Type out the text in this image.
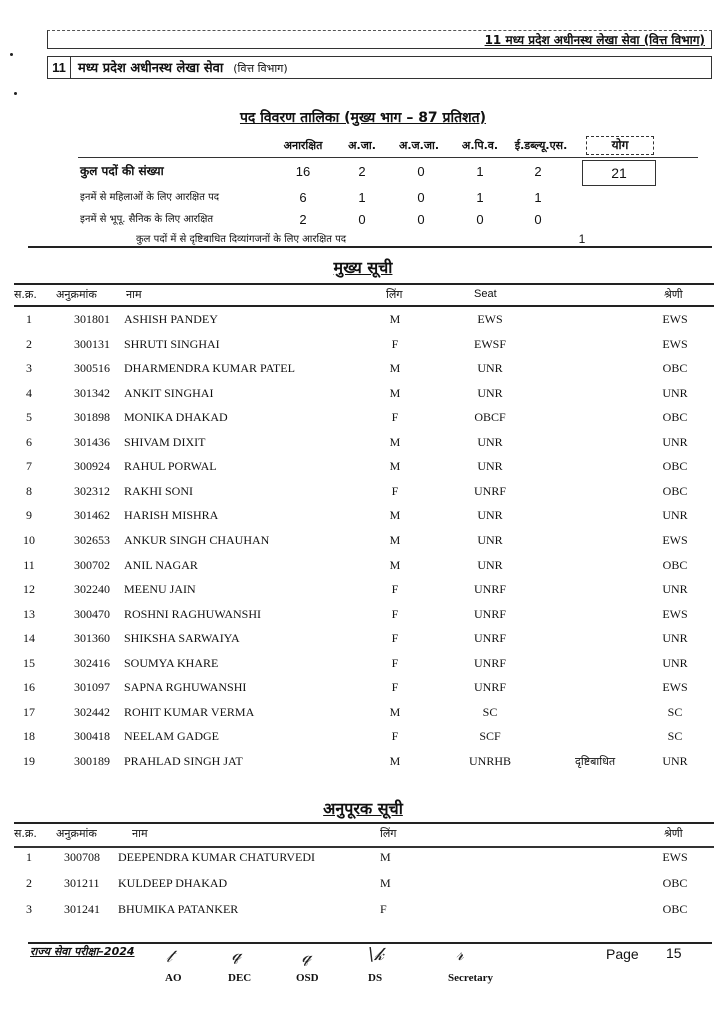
11 मध्य प्रदेश अधीनस्थ लेखा सेवा (वित्त विभाग)
11 मध्य प्रदेश अधीनस्थ लेखा सेवा (वित्त विभाग)
पद विवरण तालिका (मुख्य भाग – 87 प्रतिशत)
अनारक्षित	अ.जा.	अ.ज.जा.	अ.पि.व.	ई.डब्ल्यू.एस.	योग
कुल पदों की संख्या	16	2	0	1	2	21
इनमें से महिलाओं के लिए आरक्षित पद	6	1	0	1	1
इनमें से भूपू. सैनिक के लिए आरक्षित	2	0	0	0	0
कुल पदों में से दृष्टिबाधित दिव्यांगजनों के लिए आरक्षित पद	1
मुख्य सूची
स.क्र. अनुक्रमांक	नाम	लिंग	Seat	श्रेणी
1	301801 ASHISH PANDEY	M	EWS	EWS
2	300131 SHRUTI SINGHAI	F	EWSF	EWS
3	300516 DHARMENDRA KUMAR PATEL	M	UNR	OBC
4	301342 ANKIT SINGHAI	M	UNR	UNR
5	301898 MONIKA DHAKAD	F	OBCF	OBC
6	301436 SHIVAM DIXIT	M	UNR	UNR
7	300924 RAHUL PORWAL	M	UNR	OBC
8	302312 RAKHI SONI	F	UNRF	OBC
9	301462 HARISH MISHRA	M	UNR	UNR
10	302653 ANKUR SINGH CHAUHAN	M	UNR	EWS
11	300702 ANIL NAGAR	M	UNR	OBC
12	302240 MEENU JAIN	F	UNRF	UNR
13	300470 ROSHNI RAGHUWANSHI	F	UNRF	EWS
14	301360 SHIKSHA SARWAIYA	F	UNRF	UNR
15	302416 SOUMYA KHARE	F	UNRF	UNR
16	301097 SAPNA RGHUWANSHI	F	UNRF	EWS
17	302442 ROHIT KUMAR VERMA	M	SC	SC
18	300418 NEELAM GADGE	F	SCF	SC
19	300189 PRAHLAD SINGH JAT	M	UNRHB	दृष्टिबाधित	UNR
अनुपूरक सूची
स.क्र. अनुक्रमांक	नाम	लिंग	श्रेणी
1	300708 DEEPENDRA KUMAR CHATURVEDI	M	EWS
2	301211 KULDEEP DHAKAD	M	OBC
3	301241 BHUMIKA PATANKER	F	OBC
राज्य सेवा परीक्षा–2024 𝓉
AO
𝓆
DEC
𝓆
OSD
\𝓀
DS
𝓇
Secretary
Page 15
